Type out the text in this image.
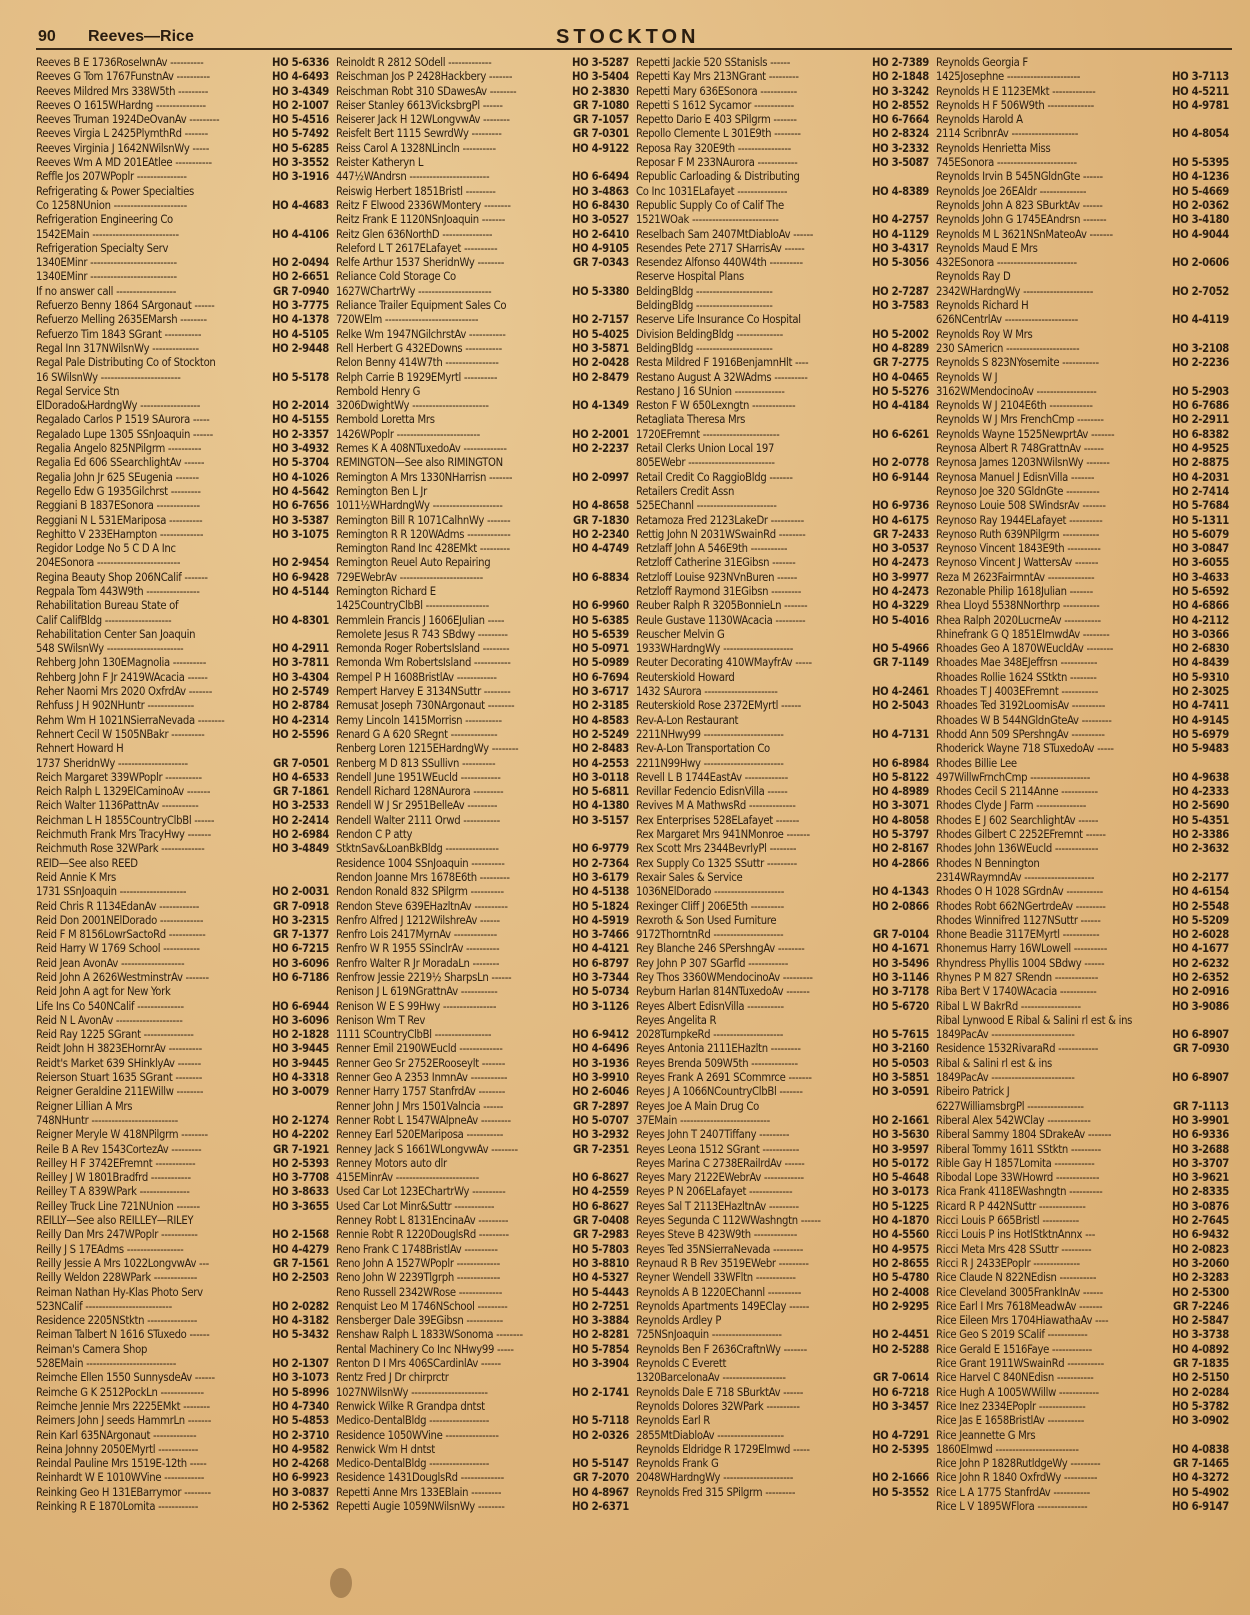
90 Reeves—Rice	STOCKTON
Reeves B E 1736RoselwnAv ----------	HO 5-6336
Reeves G Tom 1767FunstnAv ----------	HO 4-6493
Reeves Mildred Mrs 338W5th ---------	HO 3-4349
Reeves O 1615WHardng ---------------	HO 2-1007
Reeves Truman 1924DeOvanAv ---------	HO 5-4516
Reeves Virgia L 2425PlymthRd -------	HO 5-7492
Reeves Virginia J 1642NWilsnWy -----	HO 5-6285
Reeves Wm A MD 201EAtlee -----------	HO 3-3552
Reffle Jos 207WPoplr ---------------	HO 3-1916
Refrigerating & Power Specialties
Co 1258NUnion ----------------------	HO 4-4683
Refrigeration Engineering Co
1542EMain --------------------------	HO 4-4106
Refrigeration Specialty Serv
1340EMinr --------------------------	HO 2-0494
1340EMinr --------------------------	HO 2-6651
If no answer call ------------------	GR 7-0940
Refuerzo Benny 1864 SArgonaut ------	HO 3-7775
Refuerzo Melling 2635EMarsh --------	HO 4-1378
Refuerzo Tim 1843 SGrant -----------	HO 4-5105
Regal Inn 317NWilsnWy --------------	HO 2-9448
Regal Pale Distributing Co of Stockton
16 SWilsnWy ------------------------	HO 5-5178
Regal Service Stn
ElDorado&HardngWy ------------------	HO 2-2014
Regalado Carlos P 1519 SAurora -----	HO 4-5155
Regalado Lupe 1305 SSnJoaquin ------	HO 2-3357
Regalia Angelo 825NPilgrm ----------	HO 3-4932
Regalia Ed 606 SSearchlightAv ------	HO 5-3704
Regalia John Jr 625 SEugenia -------	HO 4-1026
Regello Edw G 1935Gilchrst ---------	HO 4-5642
Reggiani B 1837ESonora -------------	HO 6-7656
Reggiani N L 531EMariposa ----------	HO 3-5387
Reghitto V 233EHampton -------------	HO 3-1075
Regidor Lodge No 5 C D A Inc
204ESonora -------------------------	HO 2-9454
Regina Beauty Shop 206NCalif -------	HO 6-9428
Regpala Tom 443W9th ----------------	HO 4-5144
Rehabilitation Bureau State of
Calif CalifBldg --------------------	HO 4-8301
Rehabilitation Center San Joaquin
548 SWilsnWy -----------------------	HO 4-2911
Rehberg John 130EMagnolia ----------	HO 3-7811
Rehberg John F Jr 2419WAcacia ------	HO 3-4304
Reher Naomi Mrs 2020 OxfrdAv -------	HO 2-5749
Rehfuss J H 902NHuntr --------------	HO 2-8784
Rehm Wm H 1021NSierraNevada --------	HO 4-2314
Rehnert Cecil W 1505NBakr ----------	HO 2-5596
Rehnert Howard H
1737 SheridnWy ---------------------	GR 7-0501
Reich Margaret 339WPoplr -----------	HO 4-6533
Reich Ralph L 1329ElCaminoAv -------	GR 7-1861
Reich Walter 1136PattnAv -----------	HO 3-2533
Reichman L H 1855CountryClbBl ------	HO 2-2414
Reichmuth Frank Mrs TracyHwy -------	HO 2-6984
Reichmuth Rose 32WPark -------------	HO 3-4849
REID—See also REED
Reid Annie K Mrs
1731 SSnJoaquin --------------------	HO 2-0031
Reid Chris R 1134EdanAv ------------	GR 7-0918
Reid Don 2001NElDorado -------------	HO 3-2315
Reid F M 8156LowrSactoRd -----------	GR 7-1377
Reid Harry W 1769 School -----------	HO 6-7215
Reid Jean AvonAv -------------------	HO 3-6096
Reid John A 2626WestminstrAv -------	HO 6-7186
Reid John A agt for New York
Life Ins Co 540NCalif --------------	HO 6-6944
Reid N L AvonAv --------------------	HO 3-6096
Reid Ray 1225 SGrant ---------------	HO 2-1828
Reidt John H 3823EHornrAv ----------	HO 3-9445
Reidt's Market 639 SHinklyAv -------	HO 3-9445
Reierson Stuart 1635 SGrant --------	HO 4-3318
Reigner Geraldine 211EWillw --------	HO 3-0079
Reigner Lillian A Mrs
748NHuntr --------------------------	HO 2-1274
Reigner Meryle W 418NPilgrm --------	HO 4-2202
Reile B A Rev 1543CortezAv ---------	GR 7-1921
Reilley H F 3742EFremnt ------------	HO 2-5393
Reilley J W 1801Bradfrd ------------	HO 3-7708
Reilley T A 839WPark ---------------	HO 3-8633
Reilley Truck Line 721NUnion -------	HO 3-3655
REILLY—See also REILLEY—RILEY
Reilly Dan Mrs 247WPoplr -----------	HO 2-1568
Reilly J S 17EAdms -----------------	HO 4-4279
Reilly Jessie A Mrs 1022LongvwAv ---	GR 7-1561
Reilly Weldon 228WPark -------------	HO 2-2503
Reiman Nathan Hy-Klas Photo Serv
523NCalif --------------------------	HO 2-0282
Residence 2205NStktn ---------------	HO 4-3182
Reiman Talbert N 1616 STuxedo ------	HO 5-3432
Reiman's Camera Shop
528EMain ---------------------------	HO 2-1307
Reimche Ellen 1550 SunnysdeAv ------	HO 3-1073
Reimche G K 2512PockLn -------------	HO 5-8996
Reimche Jennie Mrs 2225EMkt --------	HO 4-7340
Reimers John J seeds HammrLn -------	HO 5-4853
Rein Karl 635NArgonaut -------------	HO 2-3710
Reina Johnny 2050EMyrtl ------------	HO 4-9582
Reindal Pauline Mrs 1519E-12th -----	HO 2-4268
Reinhardt W E 1010WVine ------------	HO 6-9923
Reinking Geo H 131EBarrymor --------	HO 3-0837
Reinking R E 1870Lomita ------------	HO 2-5362
Reinoldt R 2812 SOdell -------------	HO 3-5287
Reischman Jos P 2428Hackbery -------	HO 3-5404
Reischman Robt 310 SDawesAv --------	HO 2-3830
Reiser Stanley 6613VicksbrgPl ------	GR 7-1080
Reiserer Jack H 12WLongvwAv --------	GR 7-1057
Reisfelt Bert 1115 SewrdWy ---------	GR 7-0301
Reiss Carol A 1328NLincln ----------	HO 4-9122
Reister Katheryn L
447½WAndrsn ------------------------	HO 6-6494
Reiswig Herbert 1851Bristl ---------	HO 3-4863
Reitz F Elwood 2336WMontery --------	HO 6-8430
Reitz Frank E 1120NSnJoaquin -------	HO 3-0527
Reitz Glen 636NorthD ---------------	HO 2-6410
Releford L T 2617ELafayet ----------	HO 4-9105
Relfe Arthur 1537 SheridnWy --------	GR 7-0343
Reliance Cold Storage Co
1627WChartrWy ----------------------	HO 5-3380
Reliance Trailer Equipment Sales Co
720WElm ----------------------------	HO 2-7157
Relke Wm 1947NGilchrstAv -----------	HO 5-4025
Rell Herbert G 432EDowns -----------	HO 3-5871
Relon Benny 414W7th ----------------	HO 2-0428
Relph Carrie B 1929EMyrtl ----------	HO 2-8479
Rembold Henry G
3206DwightWy -----------------------	HO 4-1349
Rembold Loretta Mrs
1426WPoplr -------------------------	HO 2-2001
Remes K A 408NTuxedoAv -------------	HO 2-2237
REMINGTON—See also RIMINGTON
Remington A Mrs 1330NHarrisn -------	HO 2-0997
Remington Ben L Jr
1011½WHardngWy ---------------------	HO 4-8658
Remington Bill R 1071CalhnWy -------	GR 7-1830
Remington R R 120WAdms -------------	HO 2-2340
Remington Rand Inc 428EMkt ---------	HO 4-4749
Remington Reuel Auto Repairing
729EWebrAv -------------------------	HO 6-8834
Remington Richard E
1425CountryClbBl -------------------	HO 6-9960
Remmlein Francis J 1606EJulian -----	HO 5-6385
Remolete Jesus R 743 SBdwy ---------	HO 5-6539
Remonda Roger RobertsIsland --------	HO 5-0971
Remonda Wm RobertsIsland -----------	HO 5-0989
Rempel P H 1608BristlAv ------------	HO 6-7694
Rempert Harvey E 3134NSuttr --------	HO 3-6717
Remusat Joseph 730NArgonaut --------	HO 2-3185
Remy Lincoln 1415Morrisn -----------	HO 4-8583
Renard G A 620 SRegnt --------------	HO 2-5249
Renberg Loren 1215EHardngWy --------	HO 2-8483
Renberg M D 813 SSullivn ----------	HO 4-2553
Rendell June 1951WEucld ------------	HO 3-0118
Rendell Richard 128NAurora ---------	HO 5-6811
Rendell W J Sr 2951BelleAv ---------	HO 4-1380
Rendell Walter 2111 Orwd -----------	HO 3-5157
Rendon C P atty
StktnSav&LoanBkBldg ----------------	HO 6-9779
Residence 1004 SSnJoaquin ----------	HO 2-7364
Rendon Joanne Mrs 1678E6th ---------	HO 3-6179
Rendon Ronald 832 SPilgrm ----------	HO 4-5138
Rendon Steve 639EHazltnAv ----------	HO 5-1824
Renfro Alfred J 1212WilshreAv ------	HO 4-5919
Renfro Lois 2417MyrnAv -------------	HO 3-7466
Renfro W R 1955 SSinclrAv ----------	HO 4-4121
Renfro Walter R Jr MoradaLn --------	HO 6-8797
Renfrow Jessie 2219½ SharpsLn ------	HO 3-7344
Renison J L 619NGrattnAv -----------	HO 5-0734
Renison W E S 99Hwy ----------------	HO 3-1126
Renison Wm T Rev
1111 SCountryClbBl -----------------	HO 6-9412
Renner Emil 2190WEucld -------------	HO 4-6496
Renner Geo Sr 2752ERooseylt -------	HO 3-1936
Renner Geo A 2353 InmnAv -----------	HO 3-9910
Renner Harry 1757 StanfrdAv --------	HO 2-6046
Renner John J Mrs 1501Valncia ------	GR 7-2897
Renner Robt L 1547WAlpneAv ---------	HO 5-0707
Renney Earl 520EMariposa -----------	HO 3-2932
Renney Jack S 1661WLongvwAv --------	GR 7-2351
Renney Motors auto dlr
415EMinrAv -------------------------	HO 6-8627
Used Car Lot 123EChartrWy ----------	HO 4-2559
Used Car Lot Minr&Suttr ------------	HO 6-8627
Renney Robt L 8131EncinaAv ---------	GR 7-0408
Rennie Robt R 1220DouglsRd ---------	GR 7-2983
Reno Frank C 1748BristlAv ----------	HO 5-7803
Reno John A 1527WPoplr -------------	HO 3-8810
Reno John W 2239Tlgrph -------------	HO 4-5327
Reno Russell 2342WRose -------------	HO 5-4443
Renquist Leo M 1746NSchool ---------	HO 2-7251
Rensberger Dale 39EGibsn -----------	HO 3-3884
Renshaw Ralph L 1833WSonoma --------	HO 2-8281
Rental Machinery Co Inc NHwy99 -----	HO 5-7854
Renton D I Mrs 406SCardinlAv ------	HO 3-3904
Rentz Fred J Dr chirprctr
1027NWilsnWy -----------------------	HO 2-1741
Renwick Wilke R Grandpa dntst
Medico-DentalBldg ------------------	HO 5-7118
Residence 1050WVine ----------------	HO 2-0326
Renwick Wm H dntst
Medico-DentalBldg ------------------	HO 5-5147
Residence 1431DouglsRd -------------	GR 7-2070
Repetti Anne Mrs 133EBlain ---------	HO 4-8967
Repetti Augie 1059NWilsnWy --------	HO 2-6371
Repetti Jackie 520 SStanisls ------	HO 2-7389
Repetti Kay Mrs 213NGrant ---------	HO 2-1848
Repetti Mary 636ESonora -----------	HO 3-3242
Repetti S 1612 Sycamor ------------	HO 2-8552
Repetto Dario E 403 SPilgrm -------	HO 6-7664
Repollo Clemente L 301E9th --------	HO 2-8324
Reposa Ray 320E9th ----------------	HO 3-2332
Reposar F M 233NAurora ------------	HO 3-5087
Republic Carloading & Distributing
Co Inc 1031ELafayet ---------------	HO 4-8389
Republic Supply Co of Calif The
1521WOak --------------------------	HO 4-2757
Reselbach Sam 2407MtDiabloAv ------	HO 4-1129
Resendes Pete 2717 SHarrisAv ------	HO 3-4317
Resendez Alfonso 440W4th ----------	HO 5-3056
Reserve Hospital Plans
BeldingBldg -----------------------	HO 2-7287
BeldingBldg -----------------------	HO 3-7583
Reserve Life Insurance Co Hospital
Division BeldingBldg --------------	HO 5-2002
BeldingBldg -----------------------	HO 4-8289
Resta Mildred F 1916BenjamnHlt ----	GR 7-2775
Restano August A 32WAdms ----------	HO 4-0465
Restano J 16 SUnion ---------------	HO 5-5276
Reston F W 650Lexngtn -------------	HO 4-4184
Retagliata Theresa Mrs
1720EFremnt -----------------------	HO 6-6261
Retail Clerks Union Local 197
805EWebr --------------------------	HO 2-0778
Retail Credit Co RaggioBldg -------	HO 6-9144
Retailers Credit Assn
525EChannl ------------------------	HO 6-9736
Retamoza Fred 2123LakeDr ----------	HO 4-6175
Rettig John N 2031WSwainRd --------	GR 7-2433
Retzlaff John A 546E9th -----------	HO 3-0537
Retzloff Catherine 31EGibsn -------	HO 4-2473
Retzloff Louise 923NVnBuren ------	HO 3-9977
Retzloff Raymond 31EGibsn ---------	HO 4-2473
Reuber Ralph R 3205BonnieLn -------	HO 4-3229
Reule Gustave 1130WAcacia ---------	HO 5-4016
Reuscher Melvin G
1933WHardngWy ---------------------	HO 5-4966
Reuter Decorating 410WMayfrAv -----	GR 7-1149
Reuterskiold Howard
1432 SAurora ----------------------	HO 4-2461
Reuterskiold Rose 2372EMyrtl ------	HO 2-5043
Rev-A-Lon Restaurant
2211NHwy99 ------------------------	HO 4-7131
Rev-A-Lon Transportation Co
2211N99Hwy ------------------------	HO 6-8984
Revell L B 1744EastAv -------------	HO 5-8122
Revillar Fedencio EdisnVilla ------	HO 4-8989
Revives M A MathwsRd --------------	HO 3-3071
Rex Enterprises 528ELafayet -------	HO 4-8058
Rex Margaret Mrs 941NMonroe -------	HO 5-3797
Rex Scott Mrs 2344BevrlyPl --------	HO 2-8167
Rex Supply Co 1325 SSuttr ---------	HO 4-2866
Rexair Sales & Service
1036NElDorado ---------------------	HO 4-1343
Rexinger Cliff J 206E5th ----------	HO 2-0866
Rexroth & Son Used Furniture
9172ThorntnRd ---------------------	GR 7-0104
Rey Blanche 246 SPershngAv --------	HO 4-1671
Rey John P 307 SGarfld ------------	HO 3-5496
Rey Thos 3360WMendocinoAv ---------	HO 3-1146
Reyburn Harlan 814NTuxedoAv -------	HO 3-7178
Reyes Albert EdisnVilla -----------	HO 5-6720
Reyes Angelita R
2028TurnpkeRd ---------------------	HO 5-7615
Reyes Antonia 2111EHazltn ---------	HO 3-2160
Reyes Brenda 509W5th --------------	HO 5-0503
Reyes Frank A 2691 SCommrce -------	HO 3-5851
Reyes J A 1066NCountryClbBl -------	HO 3-0591
Reyes Joe A Main Drug Co
37EMain ---------------------------	HO 2-1661
Reyes John T 2407Tiffany ---------	HO 3-5630
Reyes Leona 1512 SGrant -----------	HO 3-9597
Reyes Marina C 2738ERailrdAv ------	HO 5-0172
Reyes Mary 2122EWebrAv ------------	HO 5-4648
Reyes P N 206ELafayet -------------	HO 3-0173
Reyes Sal T 2113EHazltnAv ---------	HO 5-1225
Reyes Segunda C 112WWashngtn ------	HO 4-1870
Reyes Steve B 423W9th -------------	HO 4-5560
Reyes Ted 35NSierraNevada ---------	HO 4-9575
Reynaud R B Rev 3519EWebr ---------	HO 2-8655
Reyner Wendell 33WFltn ------------	HO 5-4780
Reynolds A B 1220EChannl ----------	HO 2-4008
Reynolds Apartments 149EClay ------	HO 2-9295
Reynolds Ardley P
725NSnJoaquin ---------------------	HO 2-4451
Reynolds Ben F 2636CraftnWy -------	HO 2-5288
Reynolds C Everett
1320BarcelonaAv -------------------	GR 7-0614
Reynolds Dale E 718 SBurktAv ------	HO 6-7218
Reynolds Dolores 32WPark ----------	HO 3-3457
Reynolds Earl R
2855MtDiabloAv --------------------	HO 4-7291
Reynolds Eldridge R 1729Elmwd -----	HO 2-5395
Reynolds Frank G
2048WHardngWy ---------------------	HO 2-1666
Reynolds Fred 315 SPilgrm ---------	HO 5-3552
Reynolds Georgia F
1425Josephne ----------------------	HO 3-7113
Reynolds H E 1123EMkt -------------	HO 4-5211
Reynolds H F 506W9th --------------	HO 4-9781
Reynolds Harold A
2114 ScribnrAv --------------------	HO 4-8054
Reynolds Henrietta Miss
745ESonora ------------------------	HO 5-5395
Reynolds Irvin B 545NGldnGte ------	HO 4-1236
Reynolds Joe 26EAldr --------------	HO 5-4669
Reynolds John A 823 SBurktAv ------	HO 2-0362
Reynolds John G 1745EAndrsn -------	HO 3-4180
Reynolds M L 3621NSnMateoAv -------	HO 4-9044
Reynolds Maud E Mrs
432ESonora ------------------------	HO 2-0606
Reynolds Ray D
2342WHardngWy ---------------------	HO 2-7052
Reynolds Richard H
626NCentrlAv ----------------------	HO 4-4119
Reynolds Roy W Mrs
230 SAmericn ----------------------	HO 3-2108
Reynolds S 823NYosemite -----------	HO 2-2236
Reynolds W J
3162WMendocinoAv ------------------	HO 5-2903
Reynolds W J 2104E6th -------------	HO 6-7686
Reynolds W J Mrs FrenchCmp --------	HO 2-2911
Reynolds Wayne 1525NewprtAv -------	HO 6-8382
Reynosa Albert R 748GrattnAv ------	HO 4-9525
Reynosa James 1203NWilsnWy -------	HO 2-8875
Reynosa Manuel J EdisnVilla -------	HO 4-2031
Reynoso Joe 320 SGldnGte ----------	HO 2-7414
Reynoso Louie 508 SWindsrAv -------	HO 5-7684
Reynoso Ray 1944ELafayet ----------	HO 5-1311
Reynoso Ruth 639NPilgrm -----------	HO 5-6079
Reynoso Vincent 1843E9th ----------	HO 3-0847
Reynoso Vincent J WattersAv -------	HO 3-6055
Reza M 2623FairmntAv --------------	HO 3-4633
Rezonable Philip 1618Julian -------	HO 5-6592
Rhea Lloyd 5538NNorthrp -----------	HO 4-6866
Rhea Ralph 2020LucrneAv -----------	HO 4-2112
Rhinefrank G Q 1851EImwdAv --------	HO 3-0366
Rhoades Geo A 1870WEucldAv --------	HO 2-6830
Rhoades Mae 348EJeffrsn -----------	HO 4-8439
Rhoades Rollie 1624 SStktn --------	HO 5-9310
Rhoades T J 4003EFremnt -----------	HO 2-3025
Rhoades Ted 3192LoomisAv ----------	HO 4-7411
Rhoades W B 544NGldnGteAv ---------	HO 4-9145
Rhodd Ann 509 SPershngAv ----------	HO 5-6979
Rhoderick Wayne 718 STuxedoAv -----	HO 5-9483
Rhodes Billie Lee
497WillwFrnchCmp ------------------	HO 4-9638
Rhodes Cecil S 2114Anne -----------	HO 4-2333
Rhodes Clyde J Farm ---------------	HO 2-5690
Rhodes E J 602 SearchlightAv ------	HO 5-4351
Rhodes Gilbert C 2252EFremnt ------	HO 2-3386
Rhodes John 136WEucld -------------	HO 2-3632
Rhodes N Bennington
2314WRaymndAv ---------------------	HO 2-2177
Rhodes O H 1028 SGrdnAv -----------	HO 4-6154
Rhodes Robt 662NGertrdeAv ---------	HO 2-5548
Rhodes Winnifred 1127NSuttr ------	HO 5-5209
Rhone Beadie 3117EMyrtl -----------	HO 2-6028
Rhonemus Harry 16WLowell ----------	HO 4-1677
Rhyndress Phyllis 1004 SBdwy ------	HO 2-6232
Rhynes P M 827 SRendn -------------	HO 2-6352
Riba Bert V 1740WAcacia -----------	HO 2-0916
Ribal L W BakrRd ------------------	HO 3-9086
Ribal Lynwood E Ribal & Salini rl est & ins
1849PacAv -------------------------	HO 6-8907
Residence 1532RivaraRd ------------	GR 7-0930
Ribal & Salini rl est & ins
1849PacAv -------------------------	HO 6-8907
Ribeiro Patrick J
6227WilliamsbrgPl -----------------	GR 7-1113
Riberal Alex 542WClay -------------	HO 3-9901
Riberal Sammy 1804 SDrakeAv -------	HO 6-9336
Riberal Tommy 1611 SStktn ---------	HO 3-2688
Rible Gay H 1857Lomita ------------	HO 3-3707
Ribodal Lope 33WHowrd -------------	HO 3-9621
Rica Frank 4118EWashngtn ----------	HO 2-8335
Ricard R P 442NSuttr --------------	HO 3-0876
Ricci Louis P 665Bristl -----------	HO 2-7645
Ricci Louis P ins HotlStktnAnnx ---	HO 6-9432
Ricci Meta Mrs 428 SSuttr ---------	HO 2-0823
Ricci R J 2433EPoplr --------------	HO 3-2060
Rice Claude N 822NEdisn -----------	HO 2-3283
Rice Cleveland 3005FrankInAv ------	HO 2-5300
Rice Earl I Mrs 7618MeadwAv -------	GR 7-2246
Rice Eileen Mrs 1704HiawathaAv ----	HO 2-5847
Rice Geo S 2019 SCalif ------------	HO 3-3738
Rice Gerald E 1516Faye ------------	HO 4-0892
Rice Grant 1911WSwainRd -----------	GR 7-1835
Rice Harvel C 840NEdisn -----------	HO 2-5150
Rice Hugh A 1005WWillw ------------	HO 2-0284
Rice Inez 2334EPoplr --------------	HO 5-3782
Rice Jas E 1658BristlAv -----------	HO 3-0902
Rice Jeannette G Mrs
1860Elmwd -------------------------	HO 4-0838
Rice John P 1828RutldgeWy ---------	GR 7-1465
Rice John R 1840 OxfrdWy ----------	HO 4-3272
Rice L A 1775 StanfrdAv -----------	HO 5-4902
Rice L V 1895WFlora ---------------	HO 6-9147
